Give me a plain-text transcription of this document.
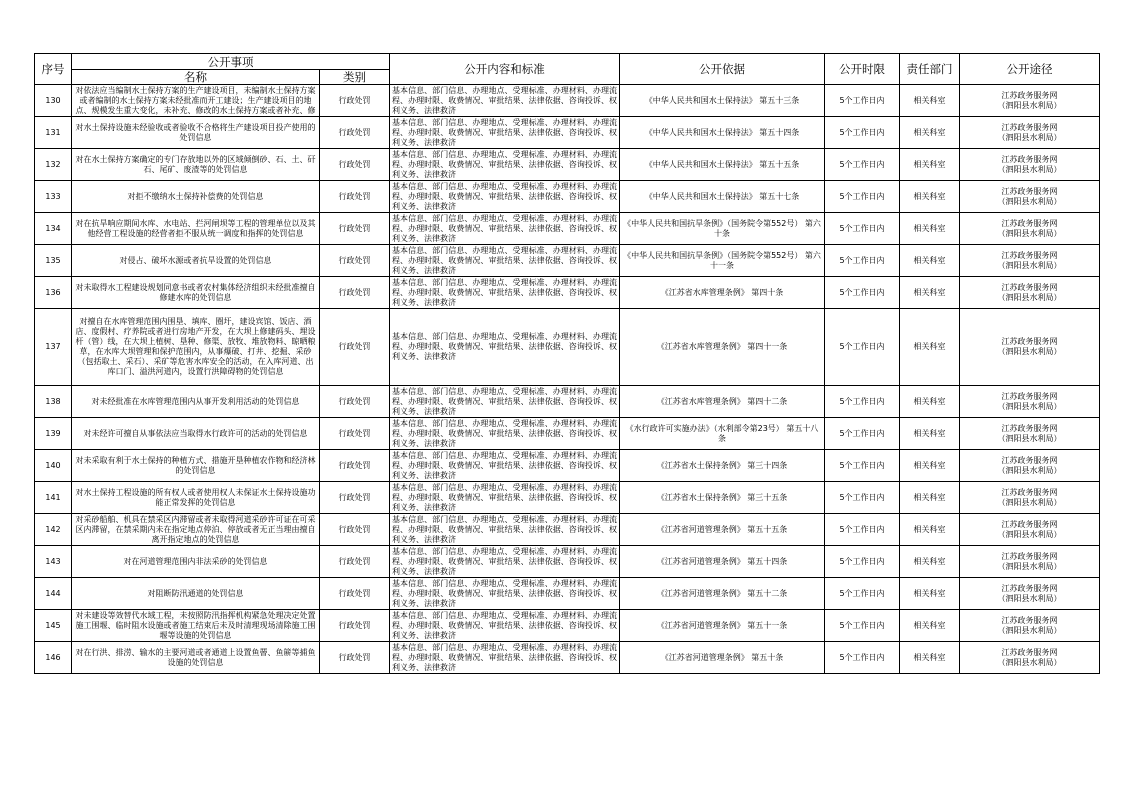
序号	公开事项		公开内容和标准	公开依据	公开时限	责任部门	公开途径
	名称	类别					
130	对依法应当编制水土保持方案的生产建设项目，未编制水土保持方案或者编制的水土保持方案未经批准而开工建设；生产建设项目的地点、规模发生重大变化，未补充、修改的水土保持方案或者补充、修	行政处罚	基本信息、部门信息、办理地点、受理标准、办理材料、办理流程、办理时限、收费情况、审批结果、法律依据、咨询投诉、权利义务、法律救济	《中华人民共和国水土保持法》 第五十三条	5个工作日内	相关科室	江苏政务服务网
（泗阳县水利局）

131	对水土保持设施未经验收或者验收不合格将生产建设项目投产使用的处罚信息	行政处罚	基本信息、部门信息、办理地点、受理标准、办理材料、办理流程、办理时限、收费情况、审批结果、法律依据、咨询投诉、权利义务、法律救济	《中华人民共和国水土保持法》 第五十四条	5个工作日内	相关科室	江苏政务服务网
（泗阳县水利局）

132	对在水土保持方案确定的专门存放地以外的区域倾倒砂、石、土、矸石、尾矿、废渣等的处罚信息	行政处罚	基本信息、部门信息、办理地点、受理标准、办理材料、办理流程、办理时限、收费情况、审批结果、法律依据、咨询投诉、权利义务、法律救济	《中华人民共和国水土保持法》 第五十五条	5个工作日内	相关科室	江苏政务服务网
（泗阳县水利局）

133	对拒不缴纳水土保持补偿费的处罚信息	行政处罚	基本信息、部门信息、办理地点、受理标准、办理材料、办理流程、办理时限、收费情况、审批结果、法律依据、咨询投诉、权利义务、法律救济	《中华人民共和国水土保持法》 第五十七条	5个工作日内	相关科室	江苏政务服务网
（泗阳县水利局）

134	对在抗旱响应期间水库、水电站、拦河闸坝等工程的管理单位以及其他经营工程设施的经营者拒不服从统一调度和指挥的处罚信息	行政处罚	基本信息、部门信息、办理地点、受理标准、办理材料、办理流程、办理时限、收费情况、审批结果、法律依据、咨询投诉、权利义务、法律救济	《中华人民共和国抗旱条例》（国务院令第552号） 第六十条	5个工作日内	相关科室	江苏政务服务网
（泗阳县水利局）

135	对侵占、破坏水源或者抗旱设置的处罚信息	行政处罚	基本信息、部门信息、办理地点、受理标准、办理材料、办理流程、办理时限、收费情况、审批结果、法律依据、咨询投诉、权利义务、法律救济	《中华人民共和国抗旱条例》（国务院令第552号） 第六十一条	5个工作日内	相关科室	江苏政务服务网
（泗阳县水利局）

136	对未取得水工程建设规划同意书或者农村集体经济组织未经批准擅自修建水库的处罚信息	行政处罚	基本信息、部门信息、办理地点、受理标准、办理材料、办理流程、办理时限、收费情况、审批结果、法律依据、咨询投诉、权利义务、法律救济	《江苏省水库管理条例》 第四十条	5个工作日内	相关科室	江苏政务服务网
（泗阳县水利局）

137	对擅自在水库管理范围内围垦、填库、圈圩，建设宾馆、饭店、酒店、度假村、疗养院或者进行房地产开发，在大坝上修建码头、埋设杆（管）线，在大坝上植树、垦种、修渠、放牧、堆放物料、晾晒粮草，在水库大坝管理和保护范围内，从事爆破、打井、挖掘、采砂（包括取土、采石）、采矿等危害水库安全的活动，在入库河道、出库口门、溢洪河道内，设置行洪障碍物的处罚信息	行政处罚	基本信息、部门信息、办理地点、受理标准、办理材料、办理流程、办理时限、收费情况、审批结果、法律依据、咨询投诉、权利义务、法律救济	《江苏省水库管理条例》 第四十一条	5个工作日内	相关科室	江苏政务服务网
（泗阳县水利局）

138	对未经批准在水库管理范围内从事开发利用活动的处罚信息	行政处罚	基本信息、部门信息、办理地点、受理标准、办理材料、办理流程、办理时限、收费情况、审批结果、法律依据、咨询投诉、权利义务、法律救济	《江苏省水库管理条例》 第四十二条	5个工作日内	相关科室	江苏政务服务网
（泗阳县水利局）

139	对未经许可擅自从事依法应当取得水行政许可的活动的处罚信息	行政处罚	基本信息、部门信息、办理地点、受理标准、办理材料、办理流程、办理时限、收费情况、审批结果、法律依据、咨询投诉、权利义务、法律救济	《水行政许可实施办法》（水利部令第23号） 第五十八条	5个工作日内	相关科室	江苏政务服务网
（泗阳县水利局）

140	对未采取有利于水土保持的种植方式、措施开垦种植农作物和经济林的处罚信息	行政处罚	基本信息、部门信息、办理地点、受理标准、办理材料、办理流程、办理时限、收费情况、审批结果、法律依据、咨询投诉、权利义务、法律救济	《江苏省水土保持条例》 第三十四条	5个工作日内	相关科室	江苏政务服务网
（泗阳县水利局）

141	对水土保持工程设施的所有权人或者使用权人未保证水土保持设施功能正常发挥的处罚信息	行政处罚	基本信息、部门信息、办理地点、受理标准、办理材料、办理流程、办理时限、收费情况、审批结果、法律依据、咨询投诉、权利义务、法律救济	《江苏省水土保持条例》 第三十五条	5个工作日内	相关科室	江苏政务服务网
（泗阳县水利局）

142	对采砂船舶、机具在禁采区内滞留或者未取得河道采砂许可证在可采区内滞留，在禁采期内未在指定地点停泊、停放或者无正当理由擅自离开指定地点的处罚信息	行政处罚	基本信息、部门信息、办理地点、受理标准、办理材料、办理流程、办理时限、收费情况、审批结果、法律依据、咨询投诉、权利义务、法律救济	《江苏省河道管理条例》 第五十五条	5个工作日内	相关科室	江苏政务服务网
（泗阳县水利局）

143	对在河道管理范围内非法采砂的处罚信息	行政处罚	基本信息、部门信息、办理地点、受理标准、办理材料、办理流程、办理时限、收费情况、审批结果、法律依据、咨询投诉、权利义务、法律救济	《江苏省河道管理条例》 第五十四条	5个工作日内	相关科室	江苏政务服务网
（泗阳县水利局）

144	对阻断防汛通道的处罚信息	行政处罚	基本信息、部门信息、办理地点、受理标准、办理材料、办理流程、办理时限、收费情况、审批结果、法律依据、咨询投诉、权利义务、法律救济	《江苏省河道管理条例》 第五十二条	5个工作日内	相关科室	江苏政务服务网
（泗阳县水利局）

145	对未建设等效替代水域工程，未按照防汛指挥机构紧急处理决定处置施工围堰、临时阻水设施或者施工结束后未及时清理现场清除施工围堰等设施的处罚信息	行政处罚	基本信息、部门信息、办理地点、受理标准、办理材料、办理流程、办理时限、收费情况、审批结果、法律依据、咨询投诉、权利义务、法律救济	《江苏省河道管理条例》 第五十一条	5个工作日内	相关科室	江苏政务服务网
（泗阳县水利局）

146	对在行洪、排涝、输水的主要河道或者通道上设置鱼罾、鱼簖等捕鱼设施的处罚信息	行政处罚	基本信息、部门信息、办理地点、受理标准、办理材料、办理流程、办理时限、收费情况、审批结果、法律依据、咨询投诉、权利义务、法律救济	《江苏省河道管理条例》 第五十条	5个工作日内	相关科室	江苏政务服务网
（泗阳县水利局）
